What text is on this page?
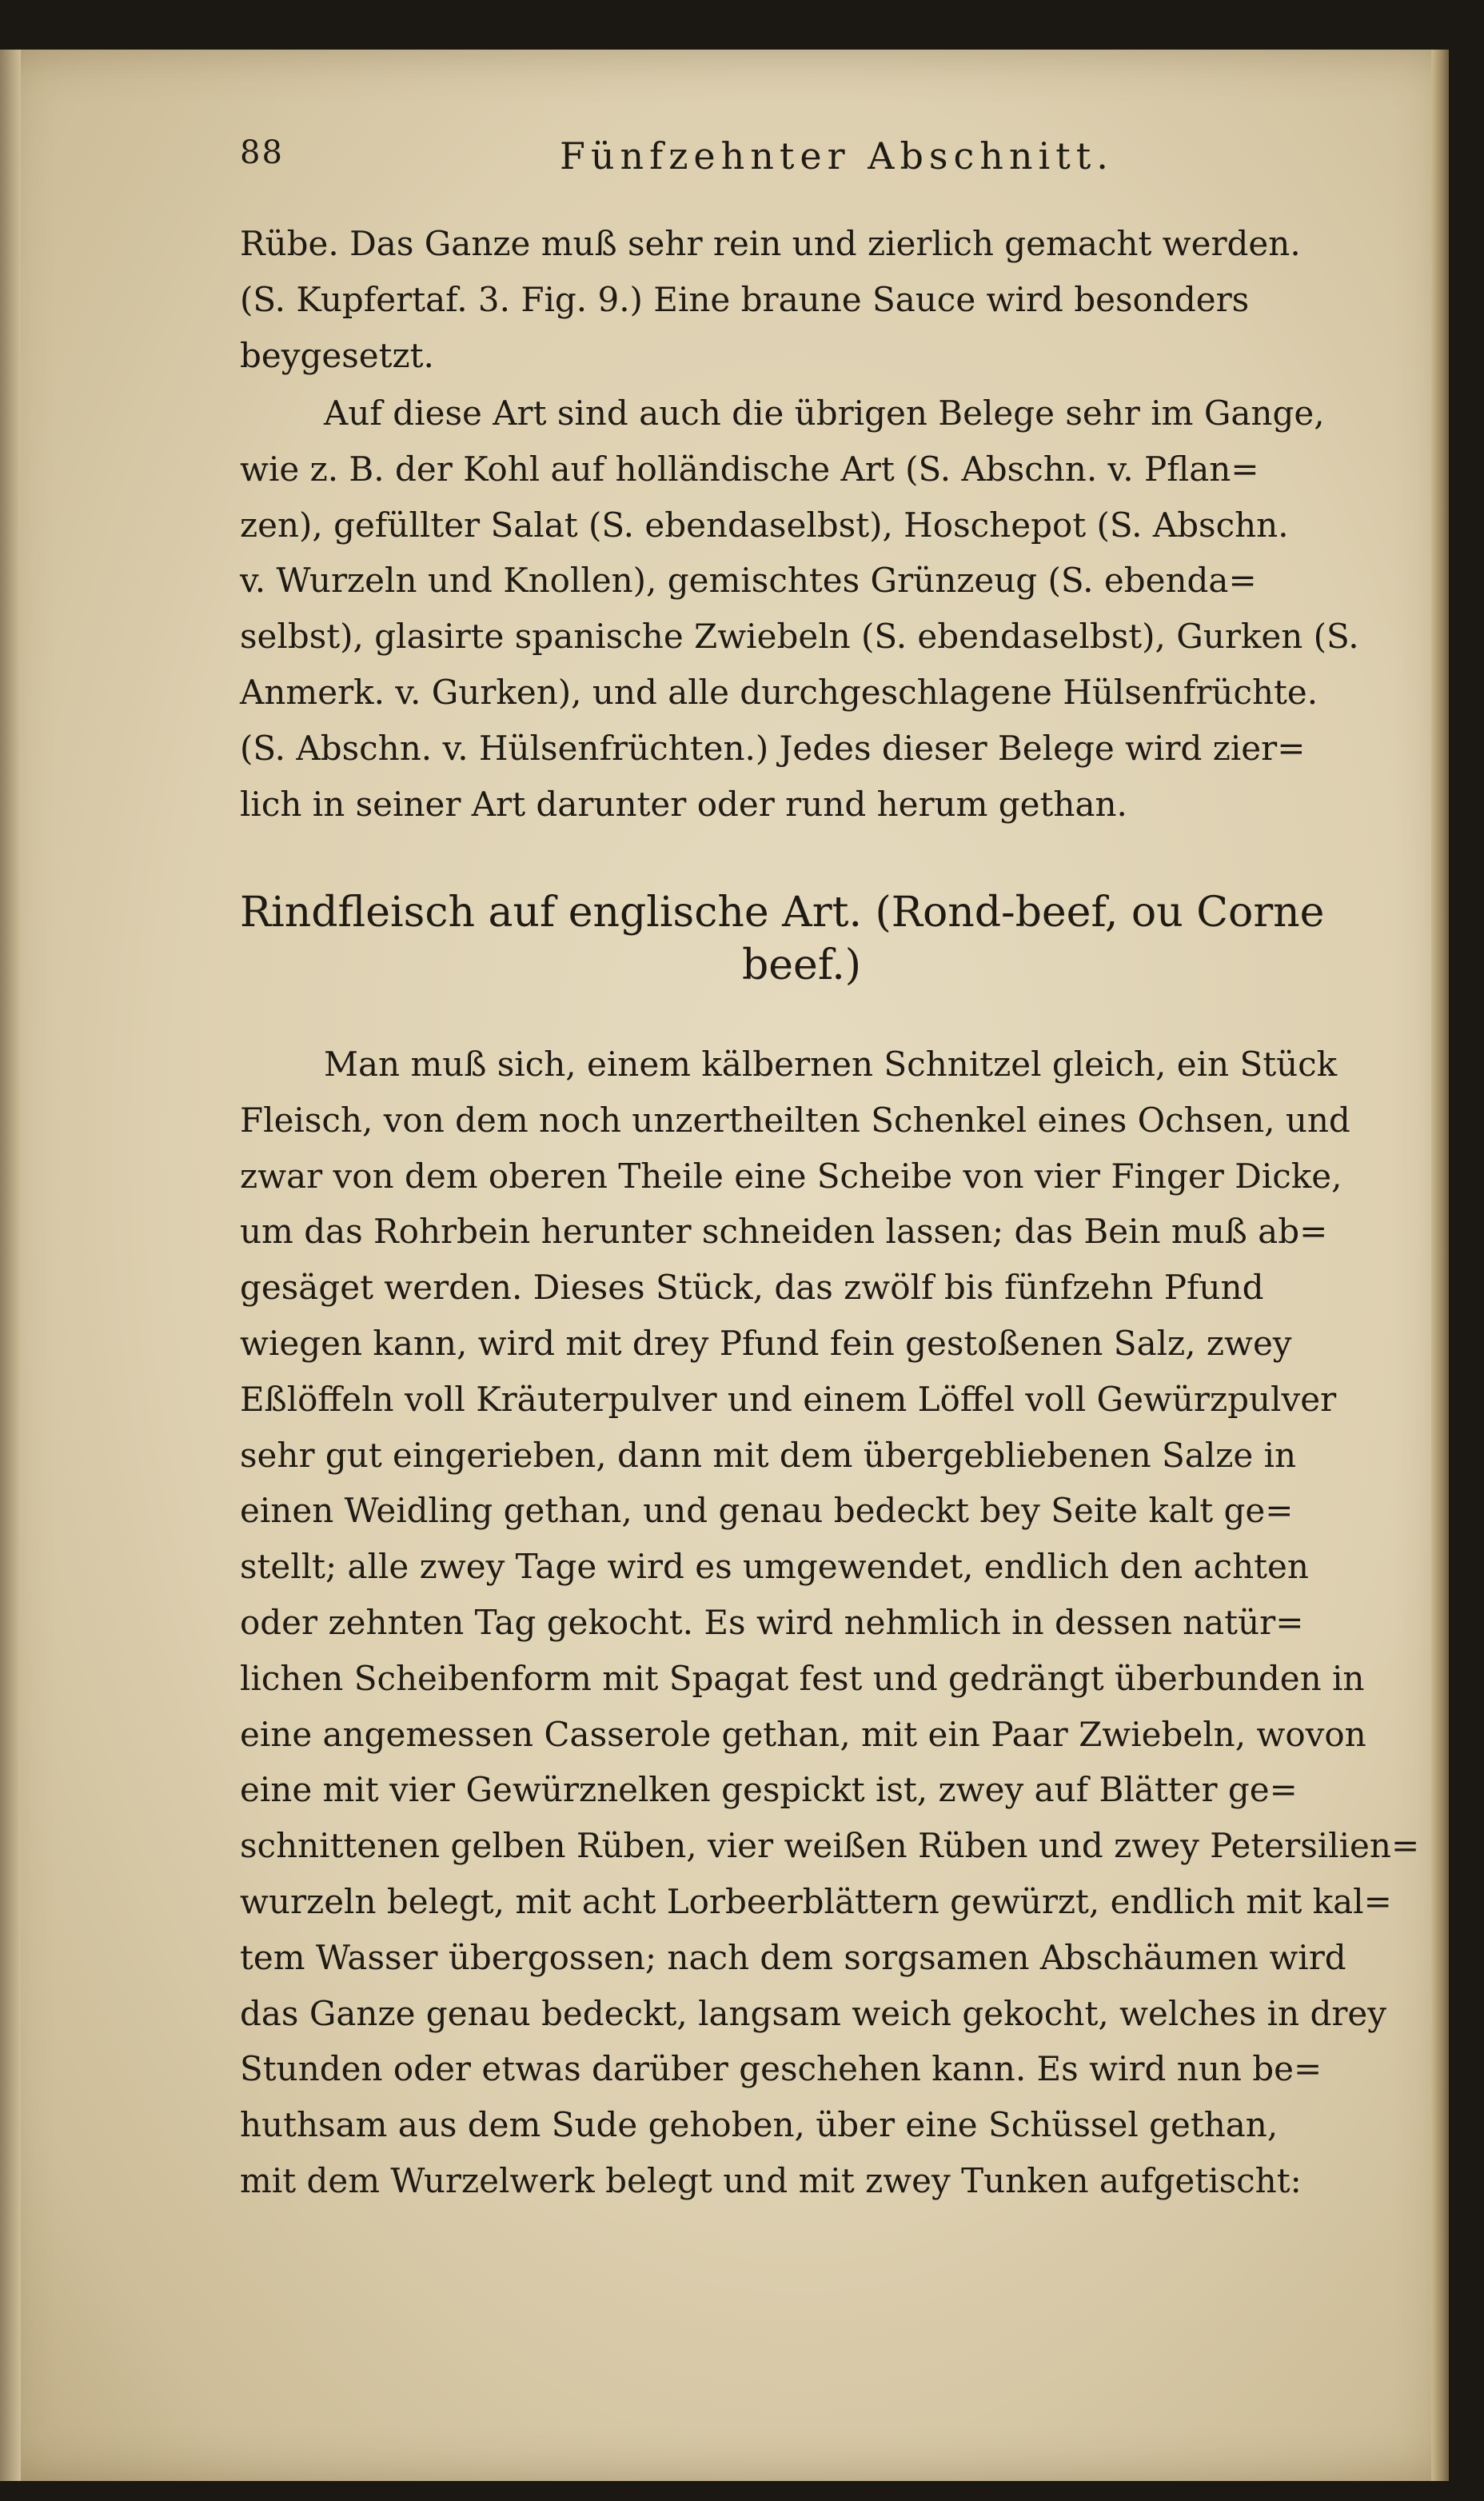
88	Fünfzehnter Abschnitt.
Rübe. Das Ganze muß sehr rein und zierlich gemacht werden.
(S. Kupfertaf. 3. Fig. 9.) Eine braune Sauce wird besonders
beygesetzt.
Auf diese Art sind auch die übrigen Belege sehr im Gange,
wie z. B. der Kohl auf holländische Art (S. Abschn. v. Pflan=
zen), gefüllter Salat (S. ebendaselbst), Hoschepot (S. Abschn.
v. Wurzeln und Knollen), gemischtes Grünzeug (S. ebenda=
selbst), glasirte spanische Zwiebeln (S. ebendaselbst), Gurken (S.
Anmerk. v. Gurken), und alle durchgeschlagene Hülsenfrüchte.
(S. Abschn. v. Hülsenfrüchten.) Jedes dieser Belege wird zier=
lich in seiner Art darunter oder rund herum gethan.
Rindfleisch auf englische Art. (Rond-beef, ou Corne
beef.)
Man muß sich, einem kälbernen Schnitzel gleich, ein Stück
Fleisch, von dem noch unzertheilten Schenkel eines Ochsen, und
zwar von dem oberen Theile eine Scheibe von vier Finger Dicke,
um das Rohrbein herunter schneiden lassen; das Bein muß ab=
gesäget werden. Dieses Stück, das zwölf bis fünfzehn Pfund
wiegen kann, wird mit drey Pfund fein gestoßenen Salz, zwey
Eßlöffeln voll Kräuterpulver und einem Löffel voll Gewürzpulver
sehr gut eingerieben, dann mit dem übergebliebenen Salze in
einen Weidling gethan, und genau bedeckt bey Seite kalt ge=
stellt; alle zwey Tage wird es umgewendet, endlich den achten
oder zehnten Tag gekocht. Es wird nehmlich in dessen natür=
lichen Scheibenform mit Spagat fest und gedrängt überbunden in
eine angemessen Casserole gethan, mit ein Paar Zwiebeln, wovon
eine mit vier Gewürznelken gespickt ist, zwey auf Blätter ge=
schnittenen gelben Rüben, vier weißen Rüben und zwey Petersilien=
wurzeln belegt, mit acht Lorbeerblättern gewürzt, endlich mit kal=
tem Wasser übergossen; nach dem sorgsamen Abschäumen wird
das Ganze genau bedeckt, langsam weich gekocht, welches in drey
Stunden oder etwas darüber geschehen kann. Es wird nun be=
huthsam aus dem Sude gehoben, über eine Schüssel gethan,
mit dem Wurzelwerk belegt und mit zwey Tunken aufgetischt:
